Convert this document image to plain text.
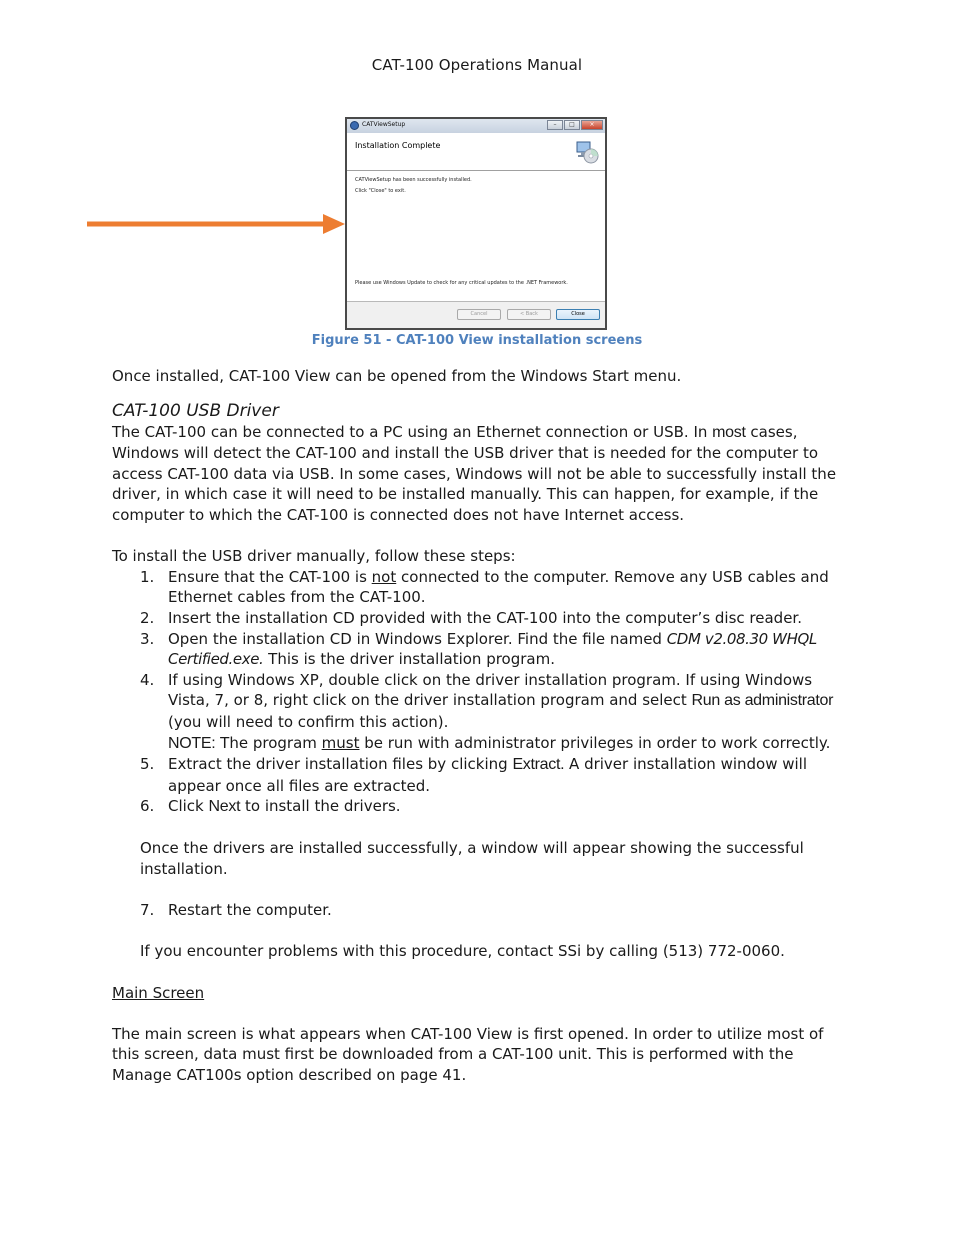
CAT-100 Operations Manual
CATViewSetup	–	□	×
Installation Complete
CATViewSetup has been successfully installed.
Click "Close" to exit.
Please use Windows Update to check for any critical updates to the .NET Framework.
Cancel	< Back	Close
Figure 51 - CAT-100 View installation screens

Once installed, CAT-100 View can be opened from the Windows Start menu.

CAT-100 USB Driver

The CAT-100 can be connected to a PC using an Ethernet connection or USB. In most cases, Windows will detect the CAT-100 and install the USB driver that is needed for the computer to access CAT-100 data via USB. In some cases, Windows will not be able to successfully install the driver, in which case it will need to be installed manually. This can happen, for example, if the computer to which the CAT-100 is connected does not have Internet access.

To install the USB driver manually, follow these steps:

1. Ensure that the CAT-100 is not connected to the computer. Remove any USB cables and Ethernet cables from the CAT-100.
2. Insert the installation CD provided with the CAT-100 into the computer’s disc reader.
3. Open the installation CD in Windows Explorer. Find the file named CDM v2.08.30 WHQL Certified.exe. This is the driver installation program.
4. If using Windows XP, double click on the driver installation program. If using Windows Vista, 7, or 8, right click on the driver installation program and select Run as administrator (you will need to confirm this action).
NOTE: The program must be run with administrator privileges in order to work correctly.
5. Extract the driver installation files by clicking Extract. A driver installation window will appear once all files are extracted.
6. Click Next to install the drivers.

Once the drivers are installed successfully, a window will appear showing the successful installation.

7. Restart the computer.

If you encounter problems with this procedure, contact SSi by calling (513) 772-0060.

Main Screen

The main screen is what appears when CAT-100 View is first opened. In order to utilize most of this screen, data must first be downloaded from a CAT-100 unit. This is performed with the Manage CAT100s option described on page 41.
